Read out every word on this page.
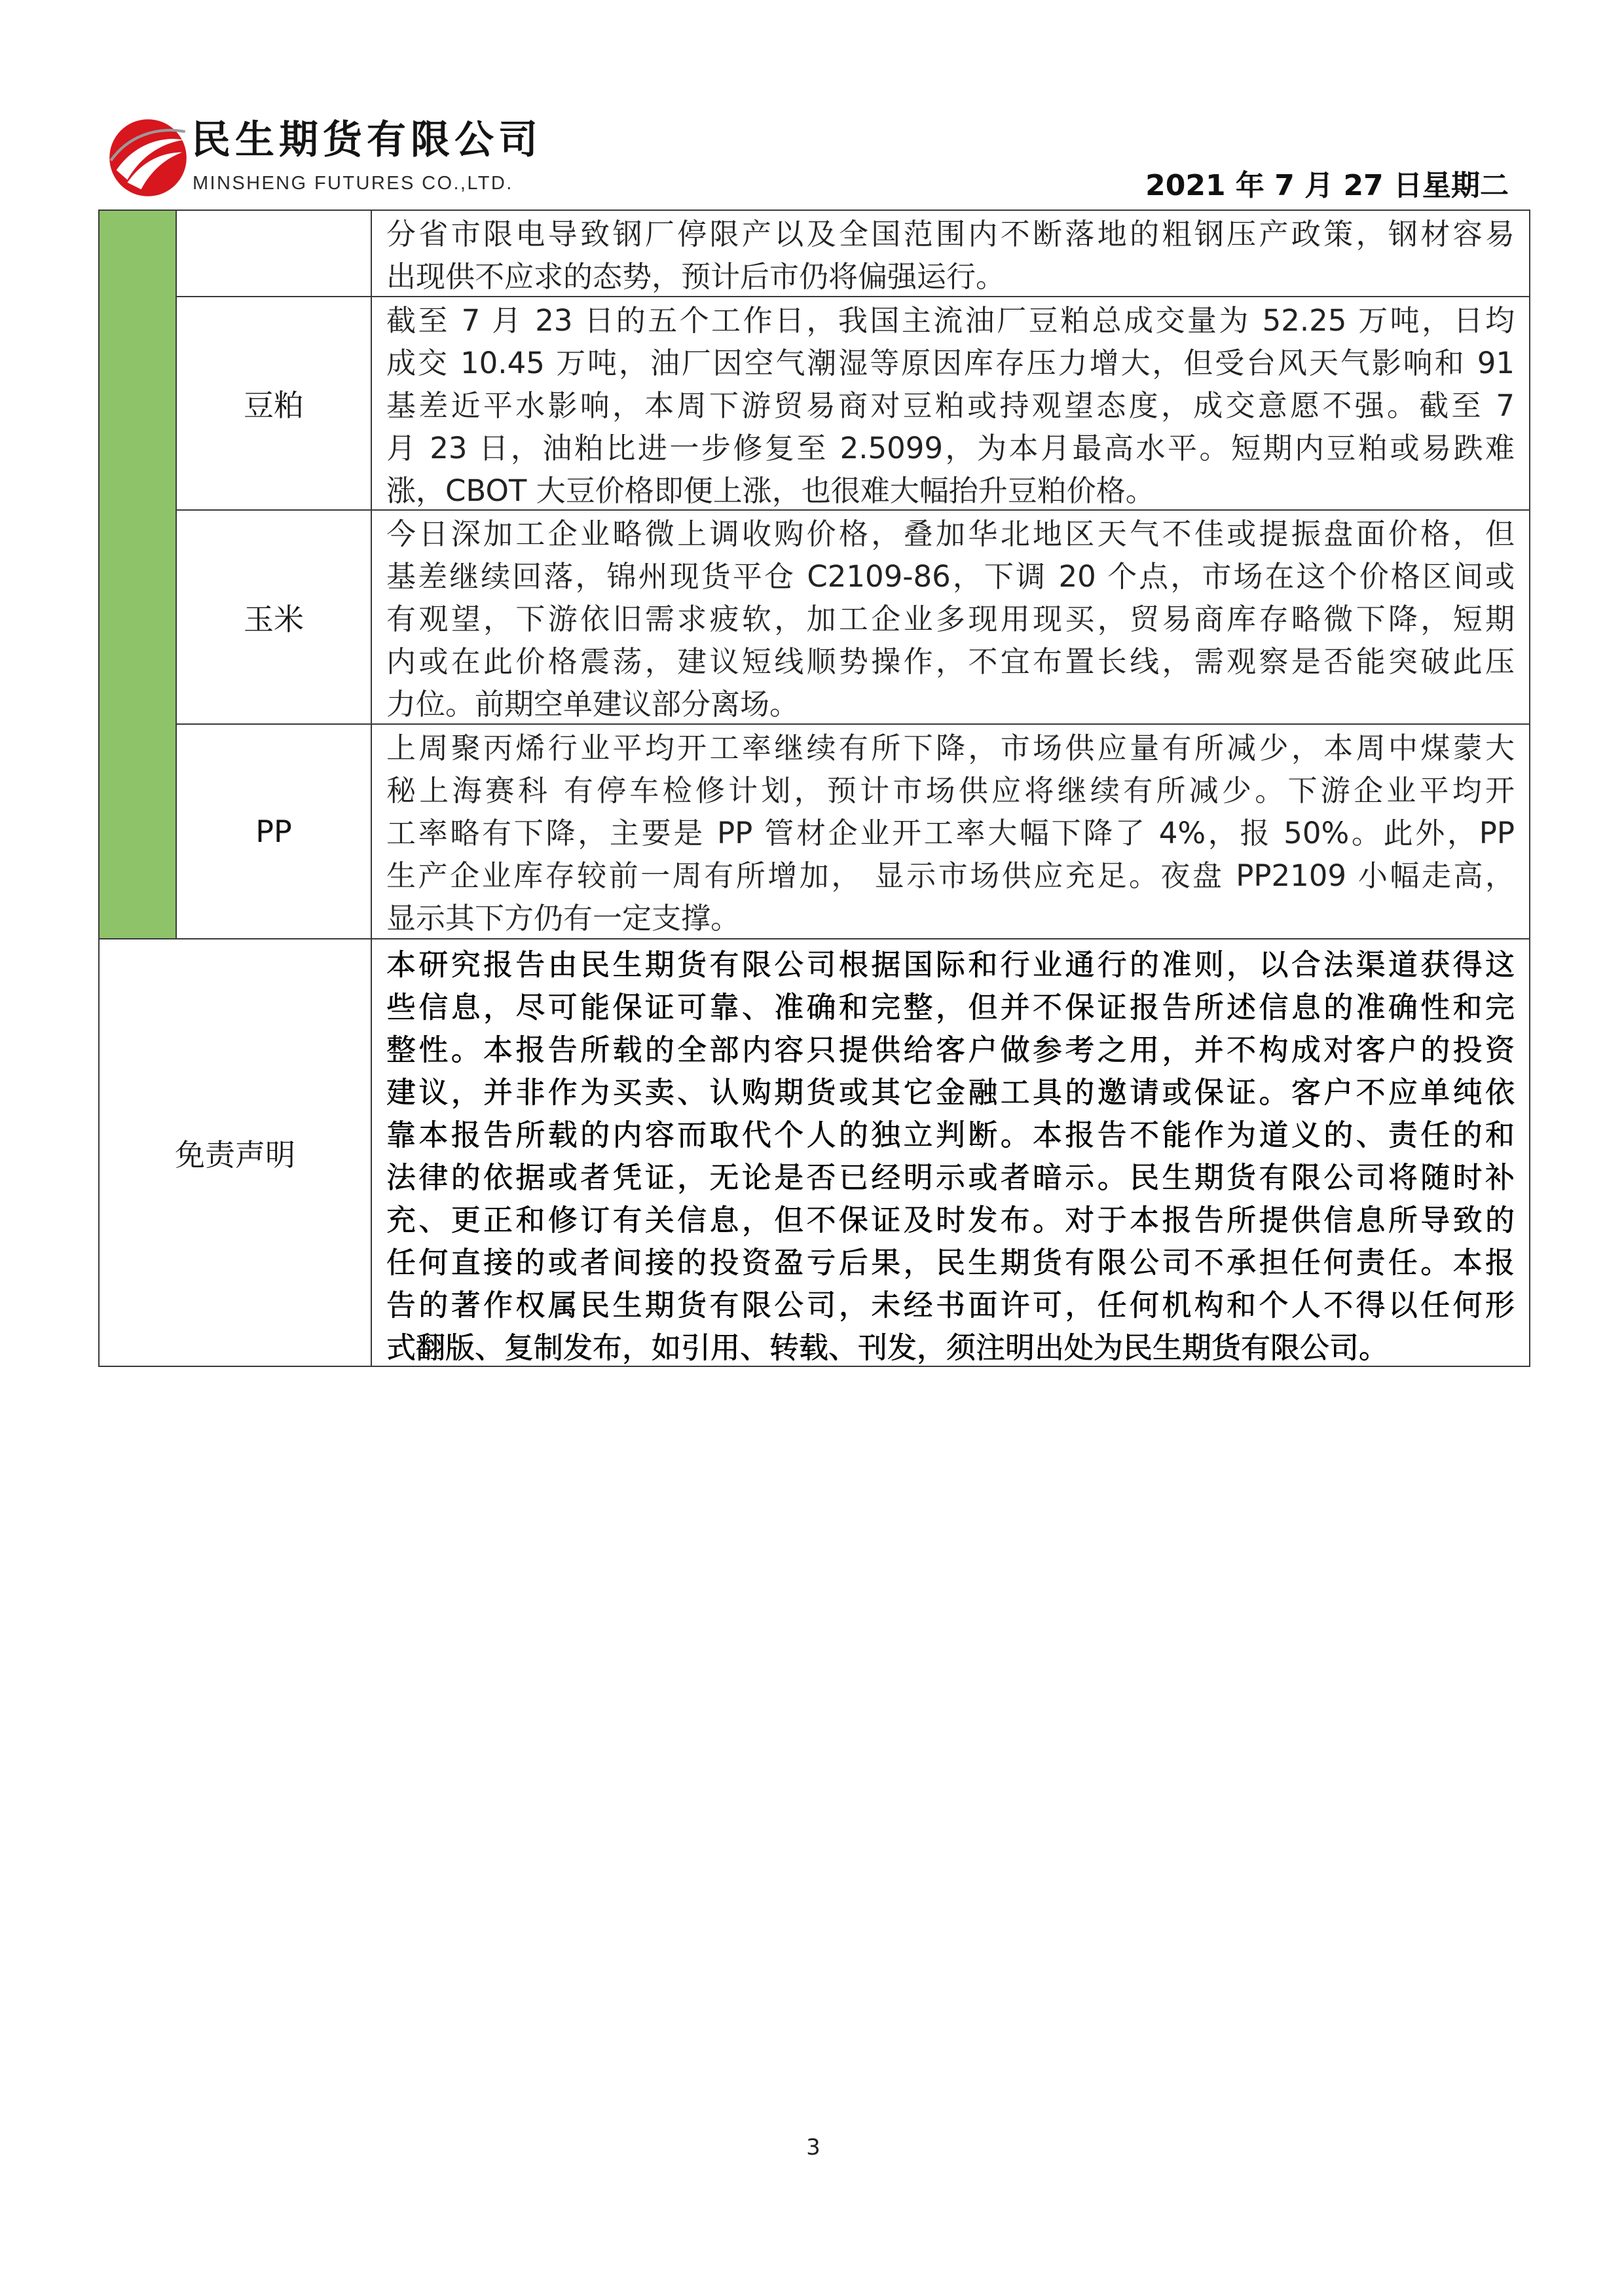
民生期货有限公司
MINSHENG FUTURES CO.,LTD.	2021 年 7 月 27 日星期二
分省市限电导致钢厂停限产以及全国范围内不断落地的粗钢压产政策，钢材容易
出现供不应求的态势，预计后市仍将偏强运行。
豆粕
截至 7 月 23 日的五个工作日，我国主流油厂豆粕总成交量为 52.25 万吨，日均
成交 10.45 万吨，油厂因空气潮湿等原因库存压力增大，但受台风天气影响和 91
基差近平水影响，本周下游贸易商对豆粕或持观望态度，成交意愿不强。截至 7
月 23 日，油粕比进一步修复至 2.5099，为本月最高水平。短期内豆粕或易跌难
涨，CBOT 大豆价格即便上涨，也很难大幅抬升豆粕价格。
玉米
今日深加工企业略微上调收购价格，叠加华北地区天气不佳或提振盘面价格，但
基差继续回落，锦州现货平仓 C2109-86，下调 20 个点，市场在这个价格区间或
有观望，下游依旧需求疲软，加工企业多现用现买，贸易商库存略微下降，短期
内或在此价格震荡，建议短线顺势操作，不宜布置长线，需观察是否能突破此压
力位。前期空单建议部分离场。
PP
上周聚丙烯行业平均开工率继续有所下降，市场供应量有所减少，本周中煤蒙大
秘上海赛科 有停车检修计划，预计市场供应将继续有所减少。下游企业平均开
工率略有下降，主要是 PP 管材企业开工率大幅下降了 4%，报 50%。此外，PP
生产企业库存较前一周有所增加， 显示市场供应充足。夜盘 PP2109 小幅走高，
显示其下方仍有一定支撑。
免责声明
本研究报告由民生期货有限公司根据国际和行业通行的准则，以合法渠道获得这
些信息，尽可能保证可靠、准确和完整，但并不保证报告所述信息的准确性和完
整性。本报告所载的全部内容只提供给客户做参考之用，并不构成对客户的投资
建议，并非作为买卖、认购期货或其它金融工具的邀请或保证。客户不应单纯依
靠本报告所载的内容而取代个人的独立判断。本报告不能作为道义的、责任的和
法律的依据或者凭证，无论是否已经明示或者暗示。民生期货有限公司将随时补
充、更正和修订有关信息，但不保证及时发布。对于本报告所提供信息所导致的
任何直接的或者间接的投资盈亏后果，民生期货有限公司不承担任何责任。本报
告的著作权属民生期货有限公司，未经书面许可，任何机构和个人不得以任何形
式翻版、复制发布，如引用、转载、刊发，须注明出处为民生期货有限公司。
3
